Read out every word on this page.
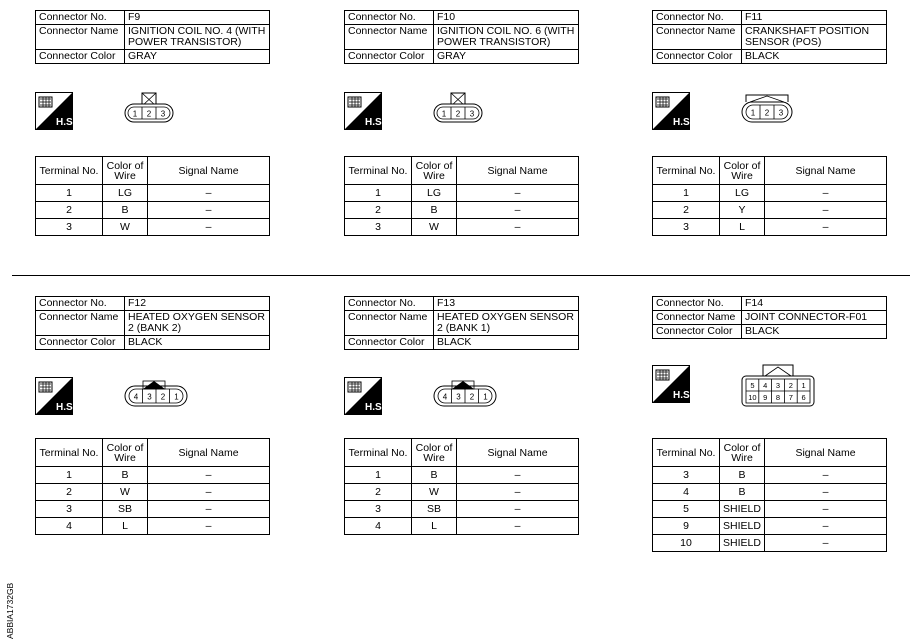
Connector No.	F9
Connector Name	IGNITION COIL NO. 4 (WITH POWER TRANSISTOR)
Connector Color	GRAY
H.S.
1 2 3
Terminal No.	Color of Wire	Signal Name
1	LG	–
2	B	–
3	W	–
Connector No.	F10
Connector Name	IGNITION COIL NO. 6 (WITH POWER TRANSISTOR)
Connector Color	GRAY
H.S.
1 2 3
Terminal No.	Color of Wire	Signal Name
1	LG	–
2	B	–
3	W	–
Connector No.	F11
Connector Name	CRANKSHAFT POSITION SENSOR (POS)
Connector Color	BLACK
H.S.
1 2 3
Terminal No.	Color of Wire	Signal Name
1	LG	–
2	Y	–
3	L	–
Connector No.	F12
Connector Name	HEATED OXYGEN SENSOR 2 (BANK 2)
Connector Color	BLACK
H.S.
4 3 2 1
Terminal No.	Color of Wire	Signal Name
1	B	–
2	W	–
3	SB	–
4	L	–
Connector No.	F13
Connector Name	HEATED OXYGEN SENSOR 2 (BANK 1)
Connector Color	BLACK
H.S.
4 3 2 1
Terminal No.	Color of Wire	Signal Name
1	B	–
2	W	–
3	SB	–
4	L	–
Connector No.	F14
Connector Name	JOINT CONNECTOR-F01
Connector Color	BLACK
H.S.
5 4 3 2 1
10 9 8 7 6
Terminal No.	Color of Wire	Signal Name
3	B	–
4	B	–
5	SHIELD	–
9	SHIELD	–
10	SHIELD	–
ABBIA1732GB
